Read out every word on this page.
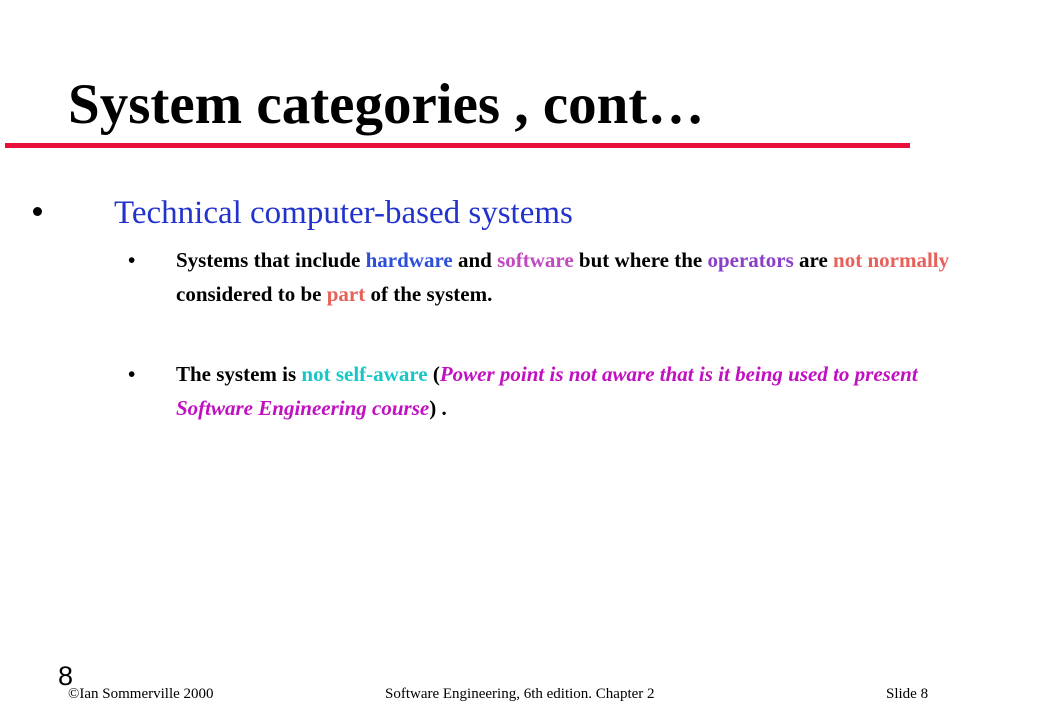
System categories , cont…

Technical computer-based systems

• Systems that include hardware and software but where the operators are not normally considered to be part of the system.

• The system is not self-aware (Power point is not aware that is it being used to present Software Engineering course) .

8
©Ian Sommerville 2000	Software Engineering, 6th edition. Chapter 2	Slide 8
